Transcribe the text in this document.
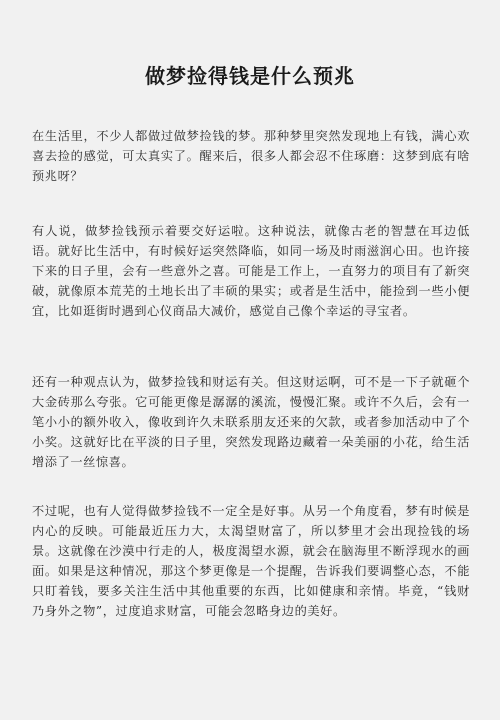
做梦捡得钱是什么预兆

在生活里，不少人都做过做梦捡钱的梦。那种梦里突然发现地上有钱，满心欢喜去捡的感觉，可太真实了。醒来后，很多人都会忍不住琢磨：这梦到底有啥预兆呀？

有人说，做梦捡钱预示着要交好运啦。这种说法，就像古老的智慧在耳边低语。就好比生活中，有时候好运突然降临，如同一场及时雨滋润心田。也许接下来的日子里，会有一些意外之喜。可能是工作上，一直努力的项目有了新突破，就像原本荒芜的土地长出了丰硕的果实；或者是生活中，能捡到一些小便宜，比如逛街时遇到心仪商品大减价，感觉自己像个幸运的寻宝者。

还有一种观点认为，做梦捡钱和财运有关。但这财运啊，可不是一下子就砸个大金砖那么夸张。它可能更像是潺潺的溪流，慢慢汇聚。或许不久后，会有一笔小小的额外收入，像收到许久未联系朋友还来的欠款，或者参加活动中了个小奖。这就好比在平淡的日子里，突然发现路边藏着一朵美丽的小花，给生活增添了一丝惊喜。

不过呢，也有人觉得做梦捡钱不一定全是好事。从另一个角度看，梦有时候是内心的反映。可能最近压力大，太渴望财富了，所以梦里才会出现捡钱的场景。这就像在沙漠中行走的人，极度渴望水源，就会在脑海里不断浮现水的画面。如果是这种情况，那这个梦更像是一个提醒，告诉我们要调整心态，不能只盯着钱，要多关注生活中其他重要的东西，比如健康和亲情。毕竟，“钱财乃身外之物”，过度追求财富，可能会忽略身边的美好。
